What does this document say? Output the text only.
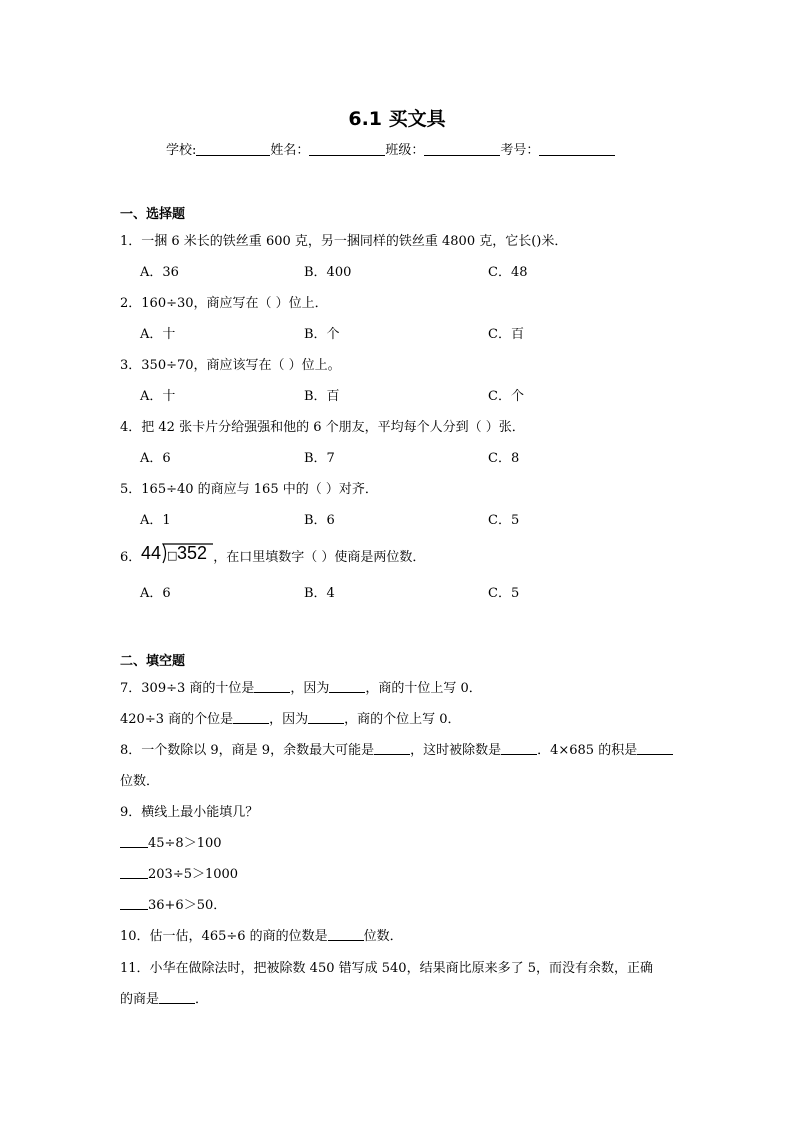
6.1 买文具
学校:	姓名：	班级：	考号：
一、选择题
1．一捆 6 米长的铁丝重 600 克，另一捆同样的铁丝重 4800 克，它长()米．
A．36	B．400	C．48
2．160÷30，商应写在（ ）位上．
A．十	B．个	C．百
3．350÷70，商应该写在（ ）位上。
A．十	B．百	C．个
4．把 42 张卡片分给强强和他的 6 个朋友，平均每个人分到（ ）张．
A．6	B．7	C．8
5．165÷40 的商应与 165 中的（ ）对齐．
A．1	B．6	C．5
6． 44 □ 352 ，在口里填数字（ ）使商是两位数．
A．6	B．4	C．5
二、填空题
7．309÷3 商的十位是	，因为	，商的十位上写 0．
420÷3 商的个位是	，因为	，商的个位上写 0．
8．一个数除以 9，商是 9，余数最大可能是	，这时被除数是	．4×685 的积是
位数．
9．横线上最小能填几？
45÷8＞100
203÷5＞1000
36+6＞50．
10．估一估，465÷6 的商的位数是	位数．
11．小华在做除法时，把被除数 450 错写成 540，结果商比原来多了 5，而没有余数，正确
的商是	．
